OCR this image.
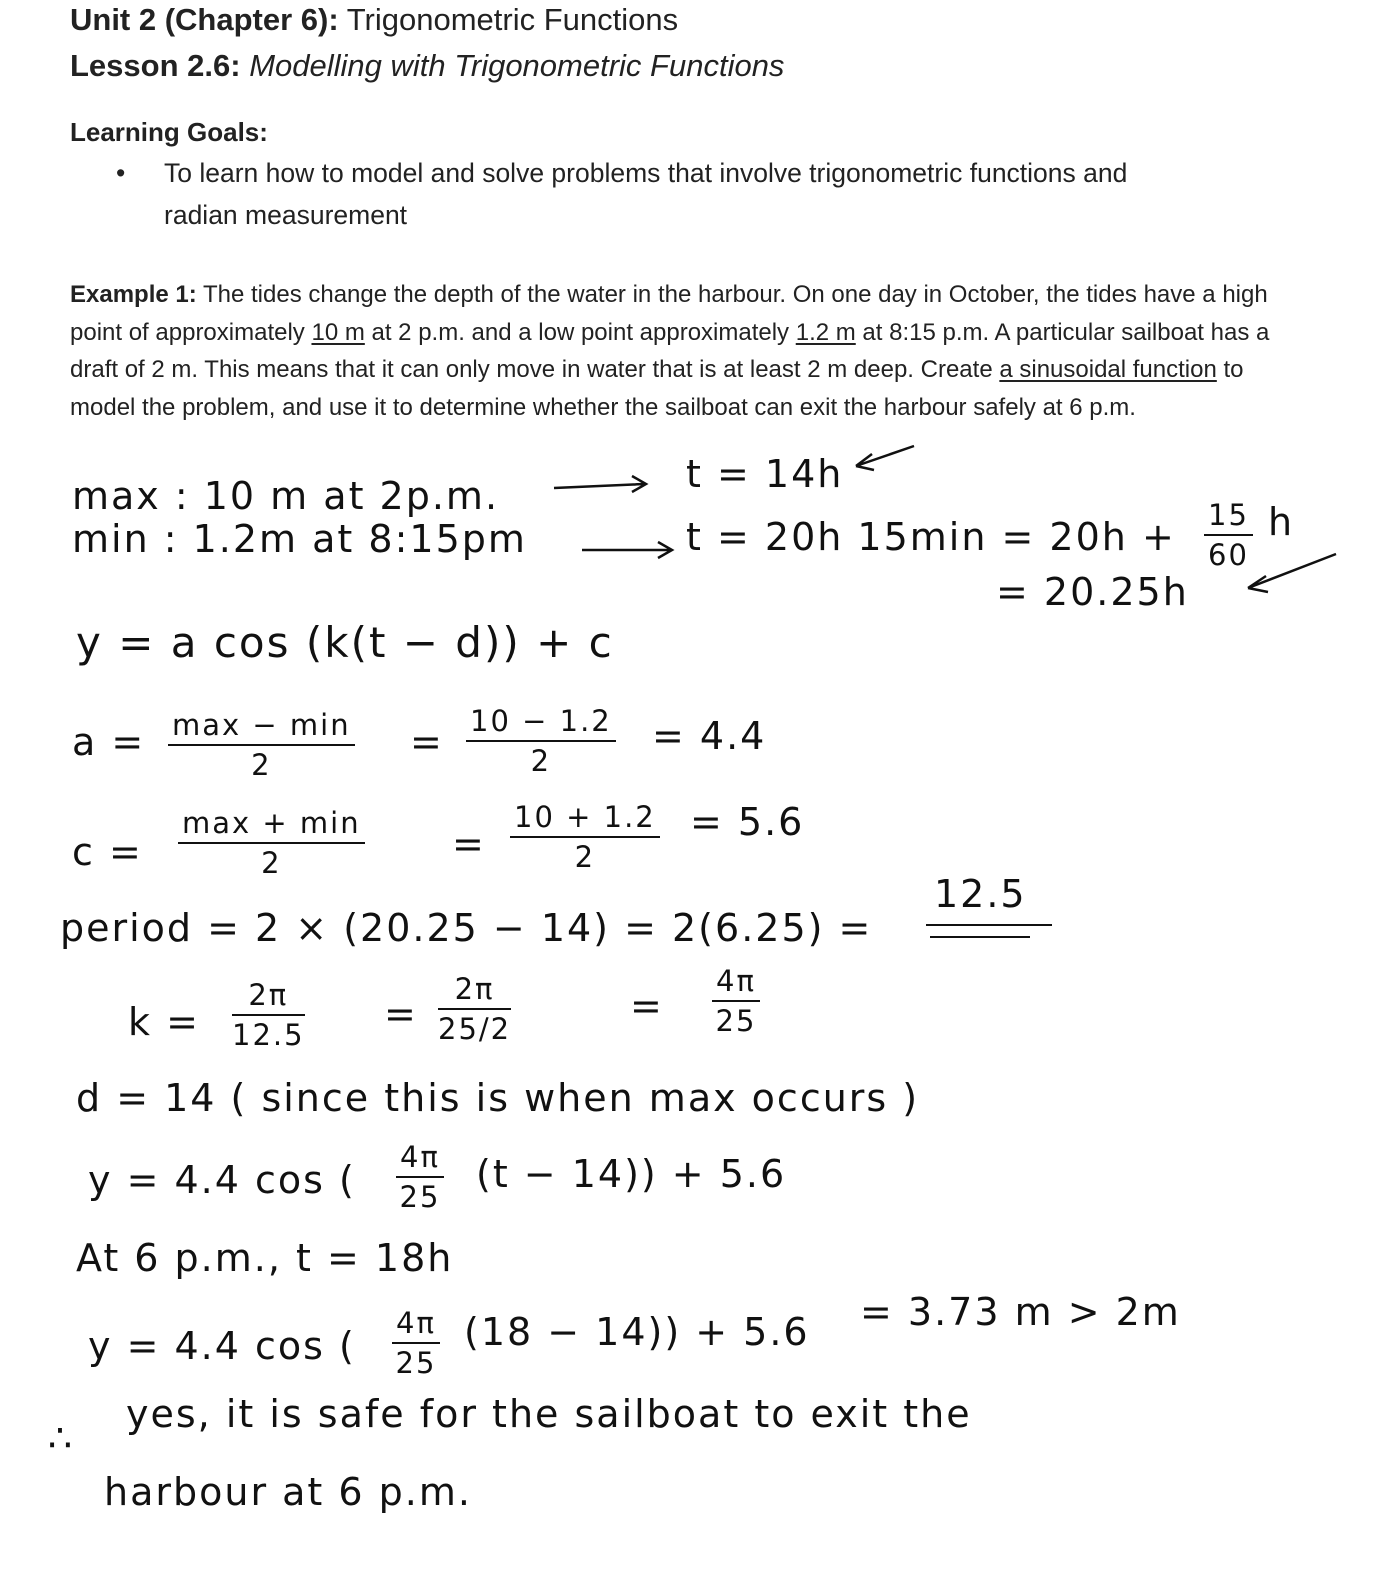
Unit 2 (Chapter 6): Trigonometric Functions
Lesson 2.6: Modelling with Trigonometric Functions
Learning Goals:
• To learn how to model and solve problems that involve trigonometric functions and
radian measurement

Example 1: The tides change the depth of the water in the harbour. On one day in October, the tides have a high point of approximately 10 m at 2 p.m. and a low point approximately 1.2 m at 8:15 p.m. A particular sailboat has a draft of 2 m. This means that it can only move in water that is at least 2 m deep. Create a sinusoidal function to model the problem, and use it to determine whether the sailboat can exit the harbour safely at 6 p.m.

max : 10 m at 2p.m.	t = 14h
min : 1.2m at 8:15pm	t = 20h $15\min = 20h + \frac{15}{60}$ h
= 20.25h
y = a cos (k(t − d)) + c
a = max − min
2
= $\frac{10 - 1.2}{2} = 4.4$
c =
max + min
2	= $\frac{10 + 1.2}{2} = 5.6$
period = 2 × (20.25 − 14) = 2(6.25) =
12.5
$k = \frac{2\pi}{12.5} = \frac{2\pi}{25/2}$	= $\frac{4\pi}{25}$
d = 14 ( since this is when max occurs )
y = 4.4 cos ( $\frac{4\pi}{25} (t - 14)) + 5.6$
At 6 p.m., t = 18h
y = 4.4 cos ( $\frac{4\pi}{25} (18 - 14)) + 5.6 = 3.73$ m > 2m
∴
yes, it is safe for the sailboat to exit the
harbour at 6 p.m.
